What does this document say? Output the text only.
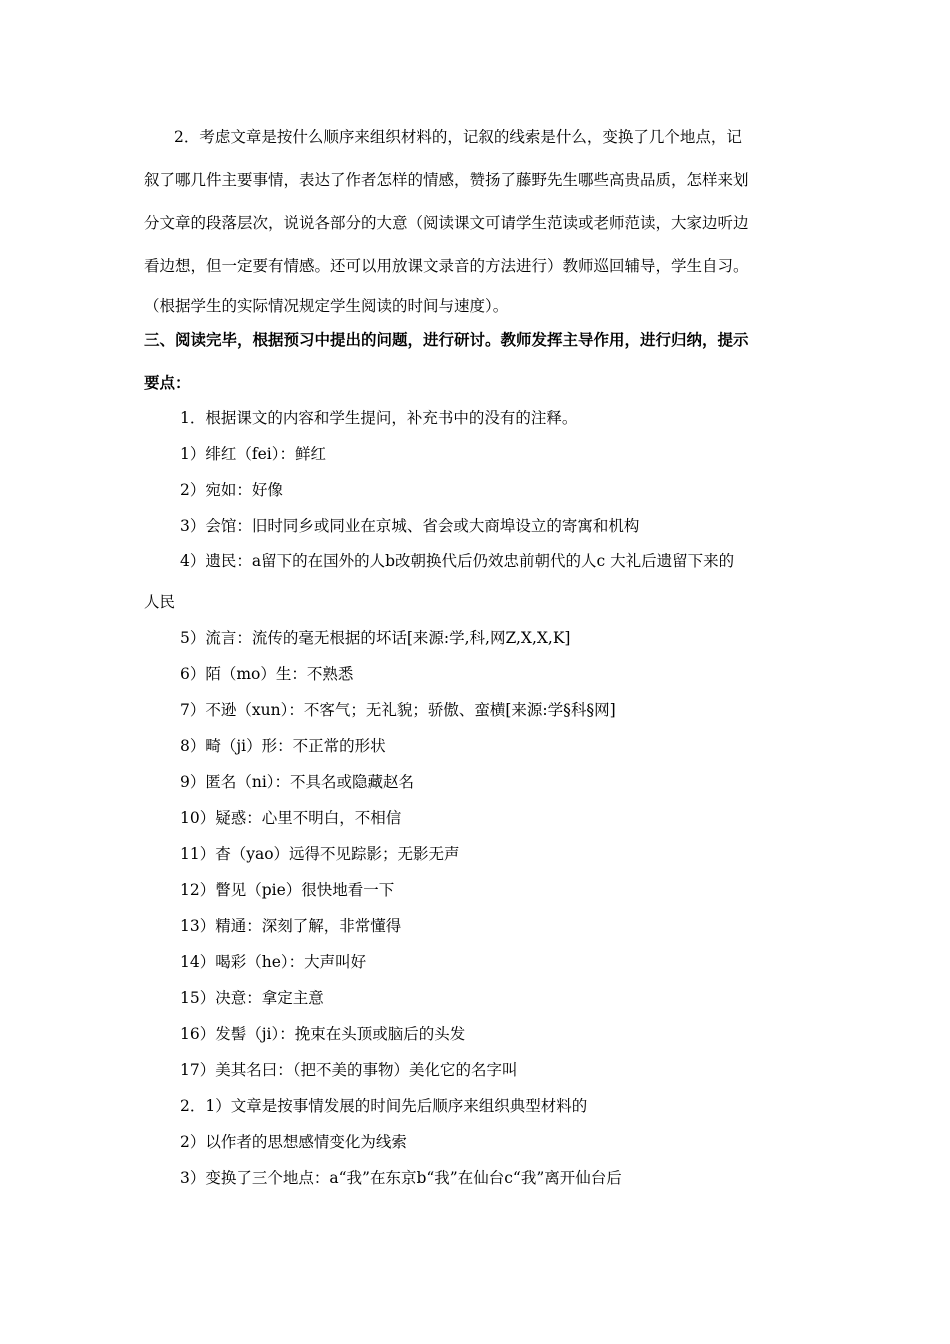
2．考虑文章是按什么顺序来组织材料的，记叙的线索是什么，变换了几个地点，记
叙了哪几件主要事情，表达了作者怎样的情感，赞扬了藤野先生哪些高贵品质，怎样来划
分文章的段落层次，说说各部分的大意（阅读课文可请学生范读或老师范读，大家边听边
看边想，但一定要有情感。还可以用放课文录音的方法进行）教师巡回辅导，学生自习。
（根据学生的实际情况规定学生阅读的时间与速度）。
三、阅读完毕，根据预习中提出的问题，进行研讨。教师发挥主导作用，进行归纳，提示
要点：
1．根据课文的内容和学生提问，补充书中的没有的注释。
1）绯红（fei）：鲜红
2）宛如：好像
3）会馆：旧时同乡或同业在京城、省会或大商埠设立的寄寓和机构
4）遗民：a留下的在国外的人b改朝换代后仍效忠前朝代的人c 大礼后遗留下来的
人民
5）流言：流传的毫无根据的坏话[来源:学,科,网Z,X,X,K]
6）陌（mo）生：不熟悉
7）不逊（xun）：不客气；无礼貌；骄傲、蛮横[来源:学§科§网]
8）畸（ji）形：不正常的形状
9）匿名（ni）：不具名或隐藏赵名
10）疑惑：心里不明白，不相信
11）杳（yao）远得不见踪影；无影无声
12）瞥见（pie）很快地看一下
13）精通：深刻了解，非常懂得
14）喝彩（he）：大声叫好
15）决意：拿定主意
16）发髻（ji）：挽束在头顶或脑后的头发
17）美其名曰：（把不美的事物）美化它的名字叫
2．1）文章是按事情发展的时间先后顺序来组织典型材料的
2）以作者的思想感情变化为线索
3）变换了三个地点：a“我”在东京b“我”在仙台c“我”离开仙台后
